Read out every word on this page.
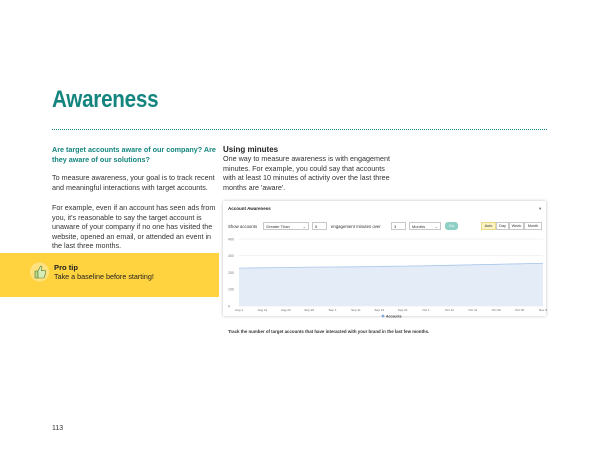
Awareness
Are target accounts aware of our company? Are they aware of our solutions?
To measure awareness, your goal is to track recent and meaningful interactions with target accounts.
For example, even if an account has seen ads from you, it's reasonable to say the target account is unaware of your company if no one has visited the website, opened an email, or attended an event in the last three months.
Using minutes
One way to measure awareness is with engagement minutes. For example, you could say that accounts with at least 10 minutes of activity over the last three months are 'aware'.
Pro tip
Take a baseline before starting!
Account Awareness	▾
Show accounts	Greater Than	⌄	5	engagement minutes over	3	Months ⌄	Go	Auto	Day	Week	Month
0
100
200
300
400
Aug 1	Aug 11	Aug 22	Sep 20	Sep 1	Sep 11	Sep 21	Sep 21	Oct 1	Oct 11	Oct 11	Oct 20	Oct 30	Nov 9
Accounts
Track the number of target accounts that have interacted with your brand in the last few months.
113
